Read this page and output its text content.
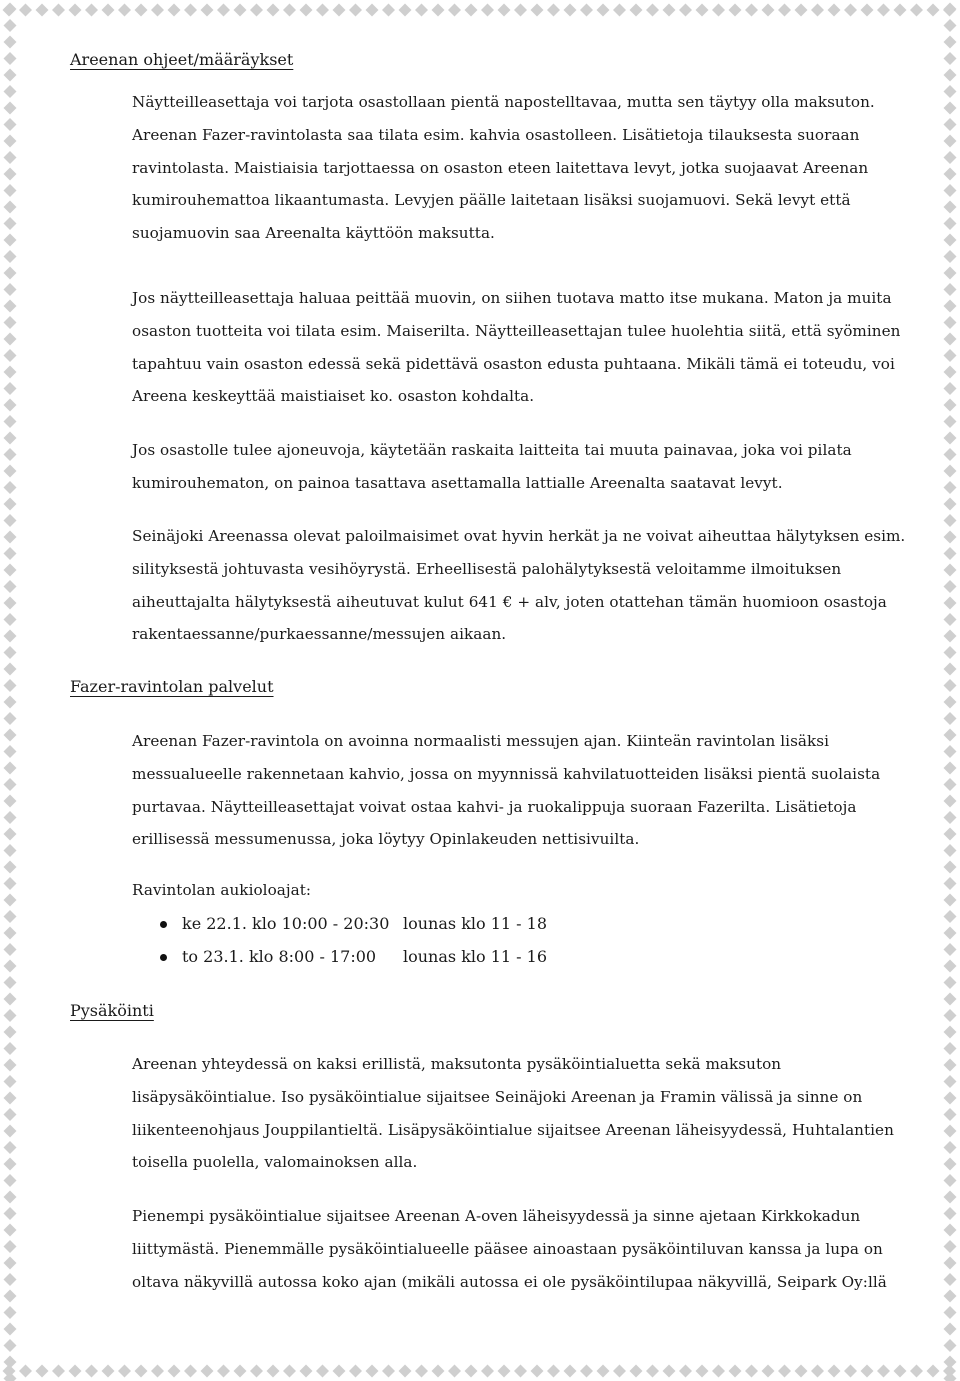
Areenan ohjeet/määräykset

Näytteilleasettaja voi tarjota osastollaan pientä napostelltavaa, mutta sen täytyy olla maksuton.
Areenan Fazer-ravintolasta saa tilata esim. kahvia osastolleen. Lisätietoja tilauksesta suoraan
ravintolasta. Maistiaisia tarjottaessa on osaston eteen laitettava levyt, jotka suojaavat Areenan
kumirouhemattoa likaantumasta. Levyjen päälle laitetaan lisäksi suojamuovi. Sekä levyt että
suojamuovin saa Areenalta käyttöön maksutta.

Jos näytteilleasettaja haluaa peittää muovin, on siihen tuotava matto itse mukana. Maton ja muita
osaston tuotteita voi tilata esim. Maiserilta. Näytteilleasettajan tulee huolehtia siitä, että syöminen
tapahtuu vain osaston edessä sekä pidettävä osaston edusta puhtaana. Mikäli tämä ei toteudu, voi
Areena keskeyttää maistiaiset ko. osaston kohdalta.

Jos osastolle tulee ajoneuvoja, käytetään raskaita laitteita tai muuta painavaa, joka voi pilata
kumirouhematon, on painoa tasattava asettamalla lattialle Areenalta saatavat levyt.

Seinäjoki Areenassa olevat paloilmaisimet ovat hyvin herkät ja ne voivat aiheuttaa hälytyksen esim.
silityksestä johtuvasta vesihöyrystä. Erheellisestä palohälytyksestä veloitamme ilmoituksen
aiheuttajalta hälytyksestä aiheutuvat kulut 641 € + alv, joten otattehan tämän huomioon osastoja
rakentaessanne/purkaessanne/messujen aikaan.

Fazer-ravintolan palvelut

Areenan Fazer-ravintola on avoinna normaalisti messujen ajan. Kiinteän ravintolan lisäksi
messualueelle rakennetaan kahvio, jossa on myynnissä kahvilatuotteiden lisäksi pientä suolaista
purtavaa. Näytteilleasettajat voivat ostaa kahvi- ja ruokalippuja suoraan Fazerilta. Lisätietoja
erillisessä messumenussa, joka löytyy Opinlakeuden nettisivuilta.

Ravintolan aukioloajat:

ke 22.1. klo 10:00 - 20:30 lounas klo 11 - 18
to 23.1. klo 8:00 - 17:00 lounas klo 11 - 16
Pysäköinti

Areenan yhteydessä on kaksi erillistä, maksutonta pysäköintialuetta sekä maksuton
lisäpysäköintialue. Iso pysäköintialue sijaitsee Seinäjoki Areenan ja Framin välissä ja sinne on
liikenteenohjaus Jouppilantieltä. Lisäpysäköintialue sijaitsee Areenan läheisyydessä, Huhtalantien
toisella puolella, valomainoksen alla.

Pienempi pysäköintialue sijaitsee Areenan A-oven läheisyydessä ja sinne ajetaan Kirkkokadun
liittymästä. Pienemmälle pysäköintialueelle pääsee ainoastaan pysäköintiluvan kanssa ja lupa on
oltava näkyvillä autossa koko ajan (mikäli autossa ei ole pysäköintilupaa näkyvillä, Seipark Oy:llä
